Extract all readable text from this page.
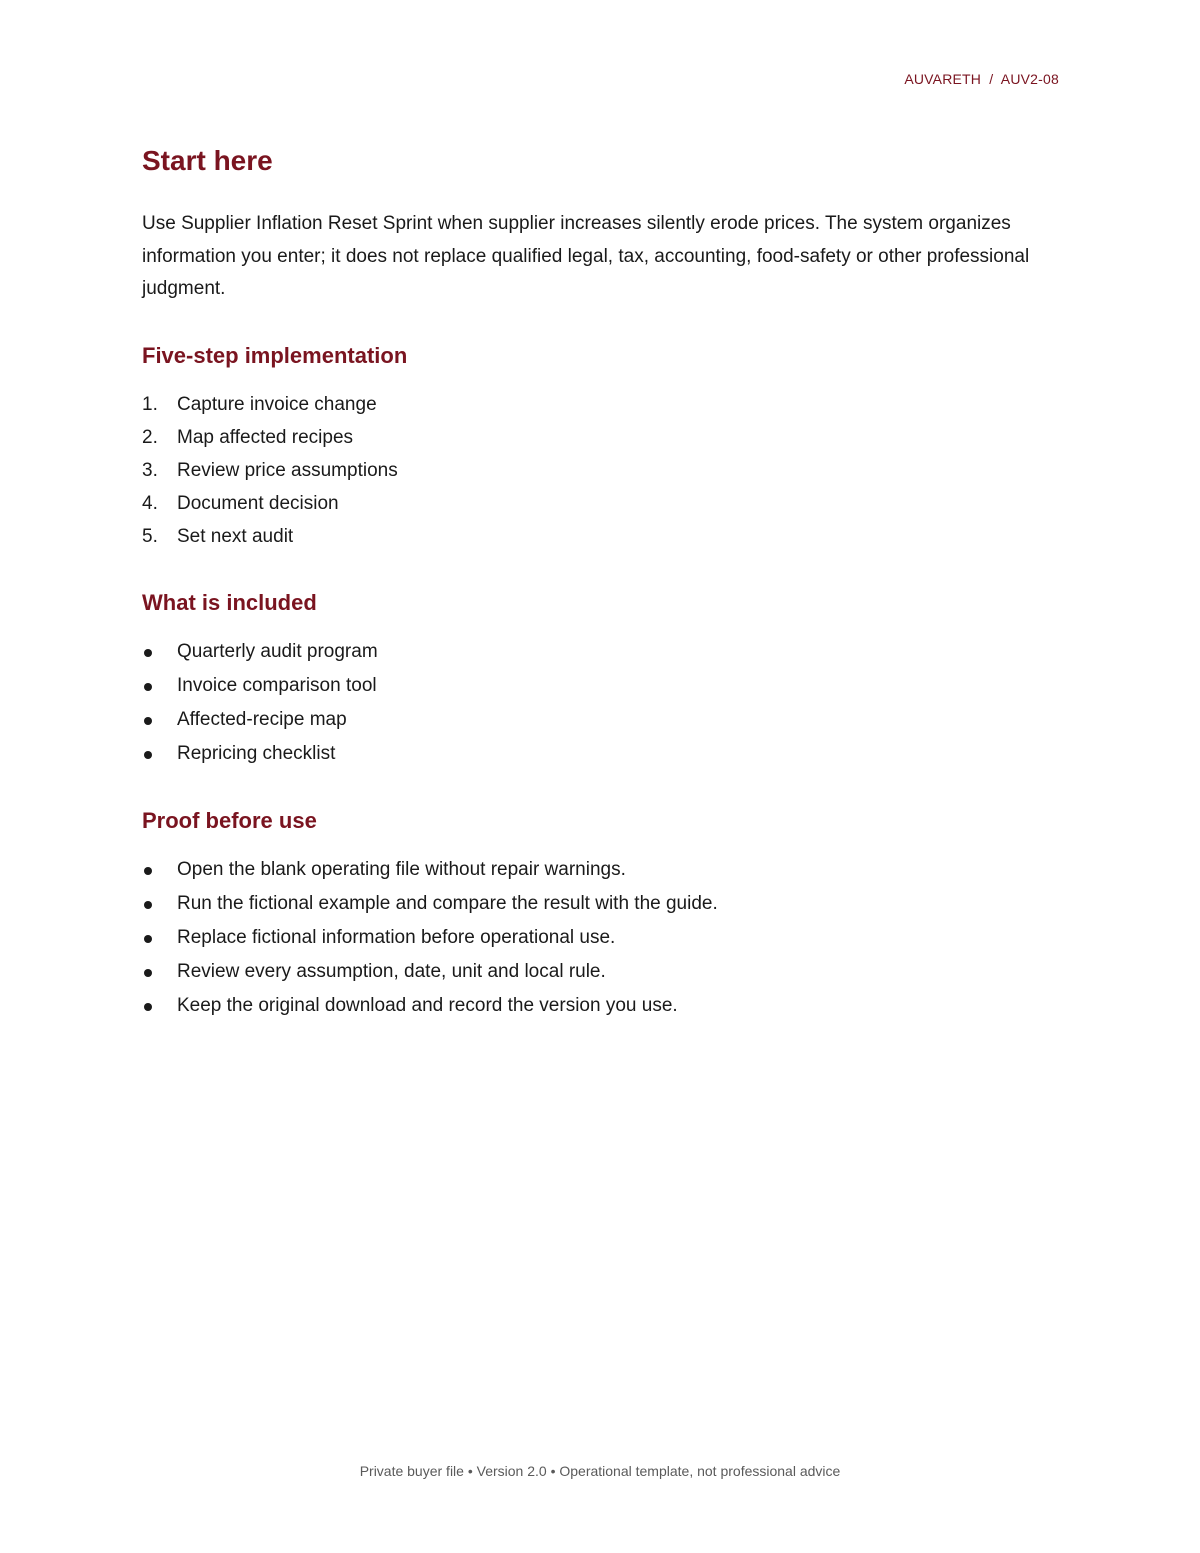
AUVARETH  /  AUV2-08
Start here

Use Supplier Inflation Reset Sprint when supplier increases silently erode prices. The system organizes information you enter; it does not replace qualified legal, tax, accounting, food-safety or other professional judgment.

Five-step implementation
1.	Capture invoice change
2.	Map affected recipes
3.	Review price assumptions
4.	Document decision
5.	Set next audit
What is included
Quarterly audit program
Invoice comparison tool
Affected-recipe map
Repricing checklist
Proof before use
Open the blank operating file without repair warnings.
Run the fictional example and compare the result with the guide.
Replace fictional information before operational use.
Review every assumption, date, unit and local rule.
Keep the original download and record the version you use.
Private buyer file • Version 2.0 • Operational template, not professional advice
